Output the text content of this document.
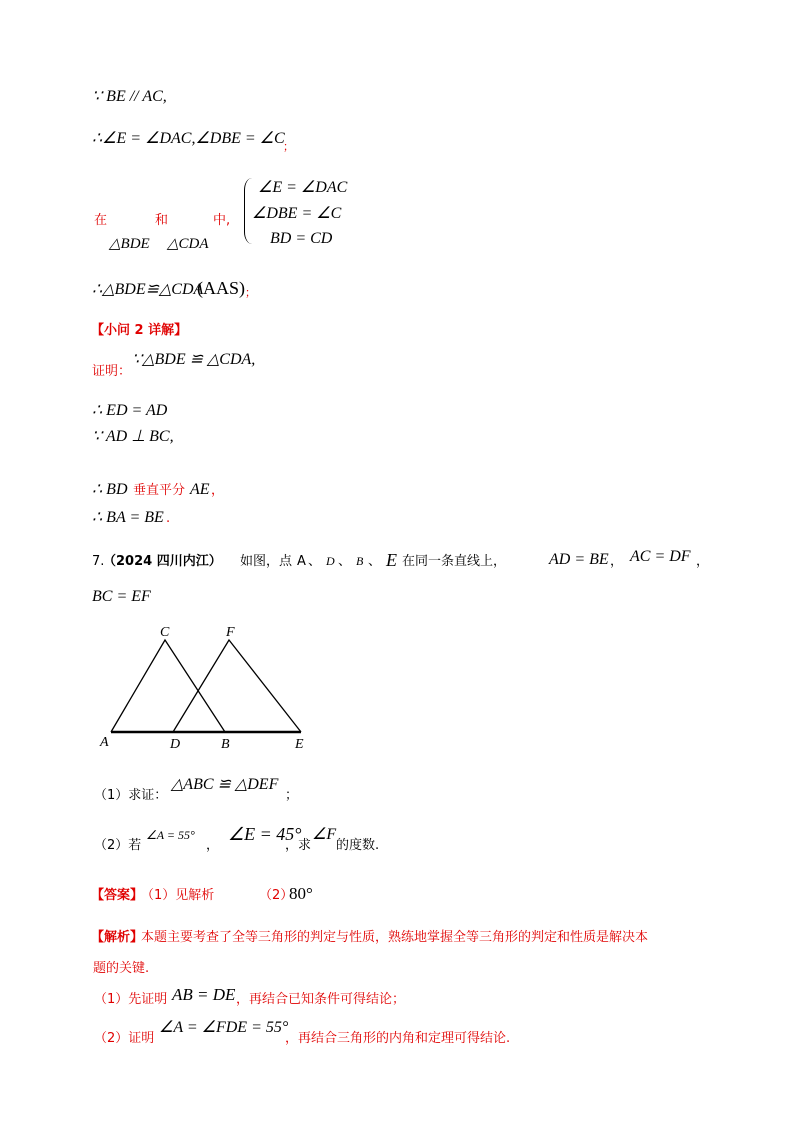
∵ BE // AC,
∴∠E = ∠DAC,∠DBE = ∠C
；
在	和	中,
△BDE △CDA
∠E = ∠DAC
∠DBE = ∠C
BD = CD
∴△BDE≌△CDA
(AAS) ；
【小问 2 详解】
证明：
∵△BDE ≌ △CDA,
∴ ED = AD
∵ AD ⊥ BC,
∴ BD 垂直平分 AE ，
∴ BA = BE .
7.
（2024 四川内江） 如图，点 A 、 D 、 B 、 E 在同一条直线上，	AD = BE ， AC = DF ，
BC = EF
C	F
A	D	B	E
（1）求证：
△ABC ≌ △DEF
；
（2）若
∠A = 55°
，
∠E = 45°
，求
∠F
的度数.
【答案】
（1）见解析	（2）
80°
【解析】
本题主要考查了全等三角形的判定与性质，熟练地掌握全等三角形的判定和性质是解决本
题的关键.
（1）先证明 AB = DE ，再结合已知条件可得结论；
（2）证明
∠A = ∠FDE = 55°
，再结合三角形的内角和定理可得结论.
